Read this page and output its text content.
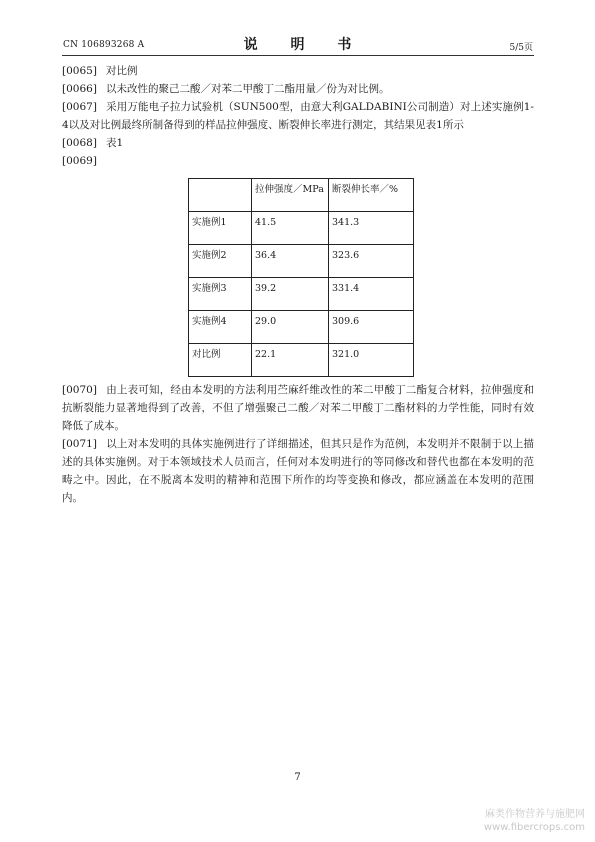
CN 106893268 A	说 明 书	5/5页

[0065] 对比例

[0066] 以未改性的聚己二酸／对苯二甲酸丁二酯用量／份为对比例。

[0067] 采用万能电子拉力试验机（SUN500型，由意大利GALDABINI公司制造）对上述实施例1-4以及对比例最终所制备得到的样品拉伸强度、断裂伸长率进行测定，其结果见表1所示

[0068] 表1

[0069]

	拉伸强度／MPa	断裂伸长率／%
实施例1	41.5	341.3
实施例2	36.4	323.6
实施例3	39.2	331.4
实施例4	29.0	309.6
对比例	22.1	321.0

[0070] 由上表可知，经由本发明的方法利用苎麻纤维改性的苯二甲酸丁二酯复合材料，拉伸强度和抗断裂能力显著地得到了改善，不但了增强聚己二酸／对苯二甲酸丁二酯材料的力学性能，同时有效降低了成本。

[0071] 以上对本发明的具体实施例进行了详细描述，但其只是作为范例，本发明并不限制于以上描述的具体实施例。对于本领域技术人员而言，任何对本发明进行的等同修改和替代也都在本发明的范畴之中。因此，在不脱离本发明的精神和范围下所作的均等变换和修改，都应涵盖在本发明的范围内。

7
麻类作物营养与施肥网
www.fibercrops.com
